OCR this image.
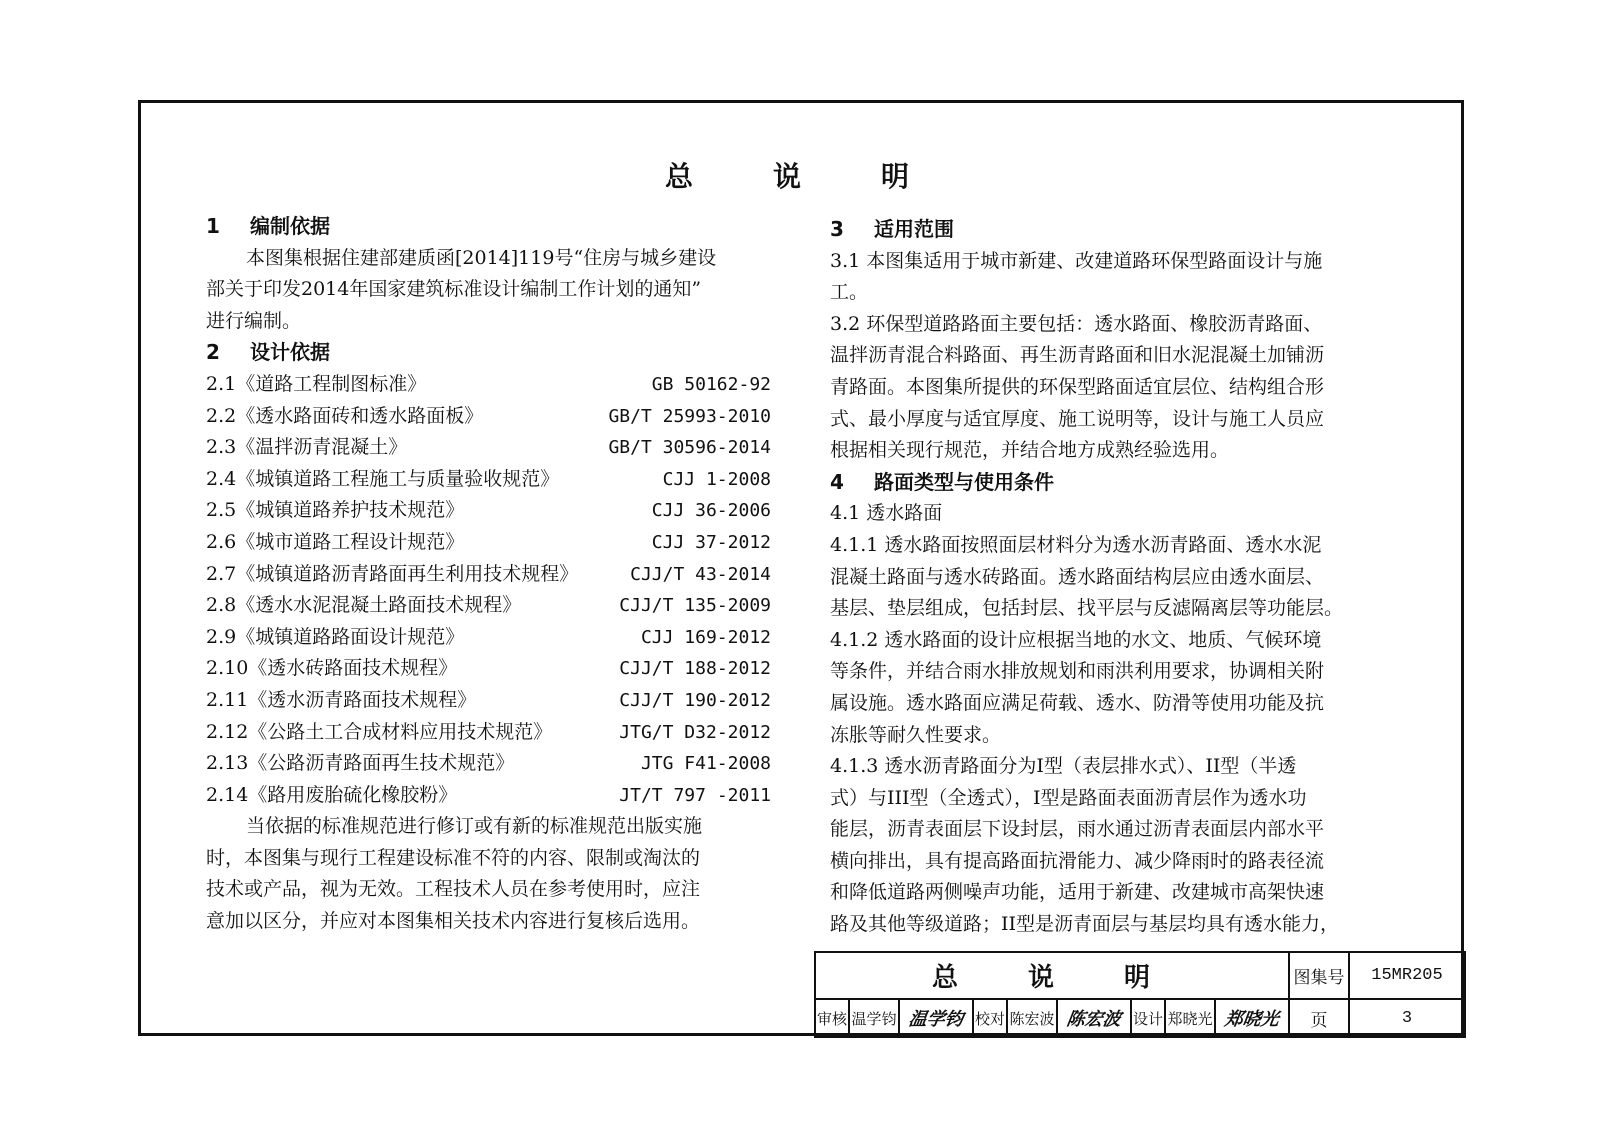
总　说　明
1 编制依据
本图集根据住建部建质函[2014]119号“住房与城乡建设
部关于印发2014年国家建筑标准设计编制工作计划的通知”
进行编制。
2 设计依据
2.1《道路工程制图标准》	GB 50162-92
2.2《透水路面砖和透水路面板》	GB/T 25993-2010
2.3《温拌沥青混凝土》	GB/T 30596-2014
2.4《城镇道路工程施工与质量验收规范》	CJJ 1-2008
2.5《城镇道路养护技术规范》	CJJ 36-2006
2.6《城市道路工程设计规范》	CJJ 37-2012
2.7《城镇道路沥青路面再生利用技术规程》	CJJ/T 43-2014
2.8《透水水泥混凝土路面技术规程》	CJJ/T 135-2009
2.9《城镇道路路面设计规范》	CJJ 169-2012
2.10《透水砖路面技术规程》	CJJ/T 188-2012
2.11《透水沥青路面技术规程》	CJJ/T 190-2012
2.12《公路土工合成材料应用技术规范》	JTG/T D32-2012
2.13《公路沥青路面再生技术规范》	JTG F41-2008
2.14《路用废胎硫化橡胶粉》	JT/T 797 -2011
当依据的标准规范进行修订或有新的标准规范出版实施
时，本图集与现行工程建设标准不符的内容、限制或淘汰的
技术或产品，视为无效。工程技术人员在参考使用时，应注
意加以区分，并应对本图集相关技术内容进行复核后选用。
3 适用范围
3.1 本图集适用于城市新建、改建道路环保型路面设计与施
工。
3.2 环保型道路路面主要包括：透水路面、橡胶沥青路面、
温拌沥青混合料路面、再生沥青路面和旧水泥混凝土加铺沥
青路面。本图集所提供的环保型路面适宜层位、结构组合形
式、最小厚度与适宜厚度、施工说明等，设计与施工人员应
根据相关现行规范，并结合地方成熟经验选用。
4 路面类型与使用条件
4.1 透水路面
4.1.1 透水路面按照面层材料分为透水沥青路面、透水水泥
混凝土路面与透水砖路面。透水路面结构层应由透水面层、
基层、垫层组成，包括封层、找平层与反滤隔离层等功能层。
4.1.2 透水路面的设计应根据当地的水文、地质、气候环境
等条件，并结合雨水排放规划和雨洪利用要求，协调相关附
属设施。透水路面应满足荷载、透水、防滑等使用功能及抗
冻胀等耐久性要求。
4.1.3 透水沥青路面分为I型（表层排水式）、II型（半透
式）与III型（全透式），I型是路面表面沥青层作为透水功
能层，沥青表面层下设封层，雨水通过沥青表面层内部水平
横向排出，具有提高路面抗滑能力、减少降雨时的路表径流
和降低道路两侧噪声功能，适用于新建、改建城市高架快速
路及其他等级道路；II型是沥青面层与基层均具有透水能力，
总　说　明									图集号	15MR205
审核	温学钧	温学钧	校对	陈宏波	陈宏波	设计	郑晓光	郑晓光	页	3
